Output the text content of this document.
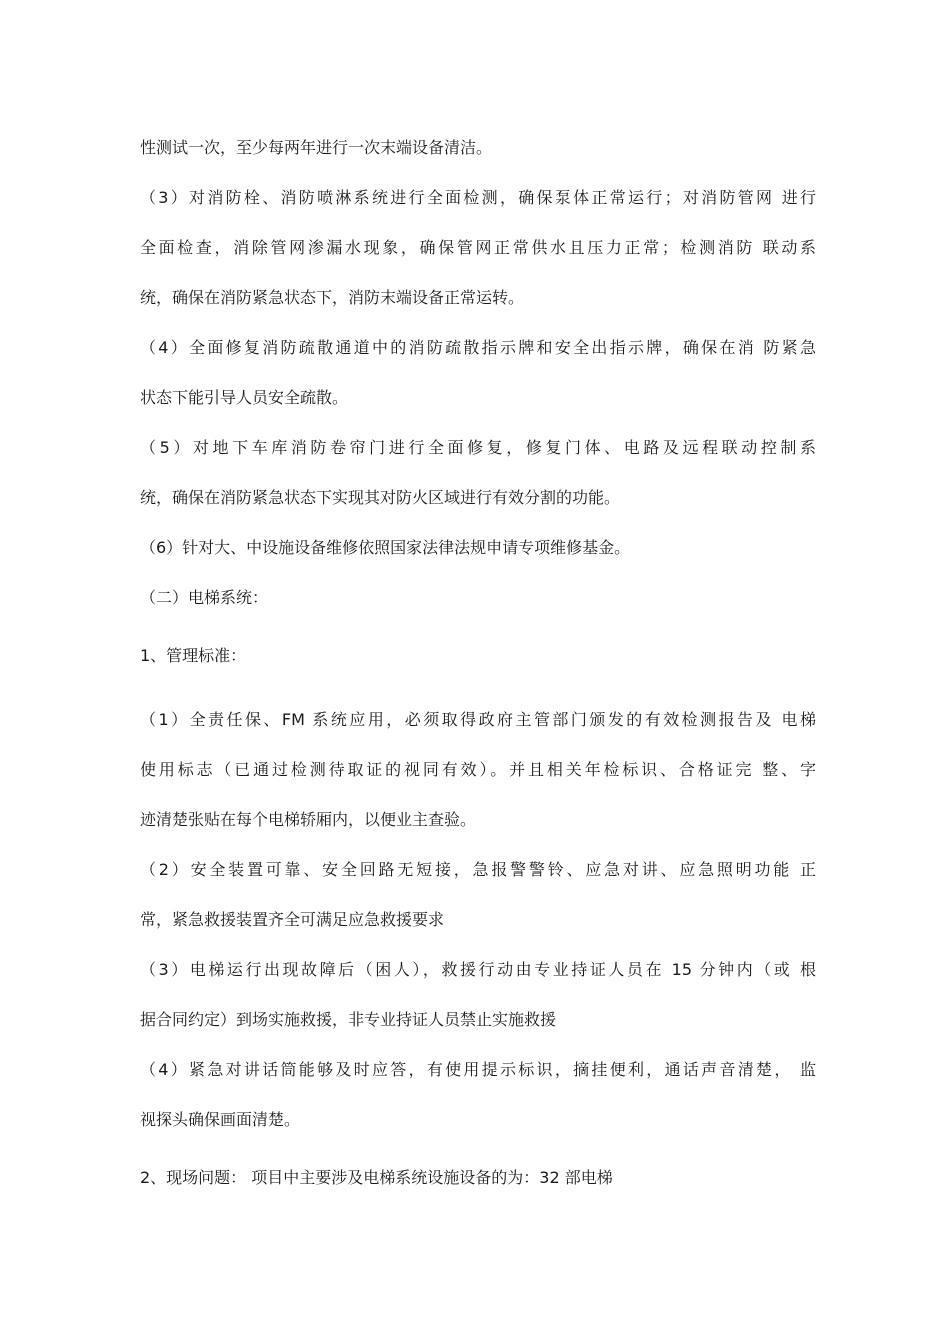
性测试一次，至少每两年进行一次末端设备清洁。
（3）对消防栓、消防喷淋系统进行全面检测，确保泵体正常运行；对消防管网 进行
全面检查，消除管网渗漏水现象，确保管网正常供水且压力正常；检测消防 联动系
统，确保在消防紧急状态下，消防末端设备正常运转。
（4）全面修复消防疏散通道中的消防疏散指示牌和安全出指示牌，确保在消 防紧急
状态下能引导人员安全疏散。
（5）对地下车库消防卷帘门进行全面修复，修复门体、电路及远程联动控制系
统，确保在消防紧急状态下实现其对防火区域进行有效分割的功能。
（6）针对大、中设施设备维修依照国家法律法规申请专项维修基金。
（二）电梯系统：
1、管理标准：
（1）全责任保、FM 系统应用，必须取得政府主管部门颁发的有效检测报告及 电梯
使用标志（已通过检测待取证的视同有效）。并且相关年检标识、合格证完 整、字
迹清楚张贴在每个电梯轿厢内，以便业主查验。
（2）安全装置可靠、安全回路无短接，急报警警铃、应急对讲、应急照明功能 正
常，紧急救援装置齐全可满足应急救援要求
（3）电梯运行出现故障后（困人），救援行动由专业持证人员在 15 分钟内（或 根
据合同约定）到场实施救援，非专业持证人员禁止实施救援
（4）紧急对讲话筒能够及时应答，有使用提示标识，摘挂便利，通话声音清楚， 监
视探头确保画面清楚。
2、现场问题： 项目中主要涉及电梯系统设施设备的为：32 部电梯
